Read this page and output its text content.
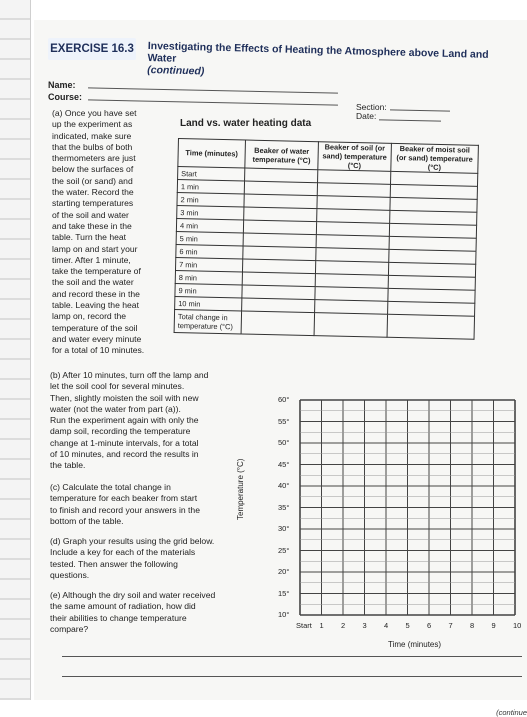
EXERCISE 16.3 Investigating the Effects of Heating the Atmosphere above Land and Water
(continued)
Name:
Course:
Section:
Date:
(a) Once you have set
up the experiment as
indicated, make sure
that the bulbs of both
thermometers are just
below the surfaces of
the soil (or sand) and
the water. Record the
starting temperatures
of the soil and water
and take these in the
table. Turn the heat
lamp on and start your
timer. After 1 minute,
take the temperature of
the soil and the water
and record these in the
table. Leaving the heat
lamp on, record the
temperature of the soil
and water every minute
for a total of 10 minutes.
Land vs. water heating data
Time (minutes)	Beaker of water temperature (°C)	Beaker of soil (or sand) temperature (°C)	Beaker of moist soil (or sand) temperature (°C)
Start			
1 min			
2 min			
3 min			
4 min			
5 min			
6 min			
7 min			
8 min			
9 min			
10 min			
Total change in temperature (°C)			
(b) After 10 minutes, turn off the lamp and
let the soil cool for several minutes.
Then, slightly moisten the soil with new
water (not the water from part (a)).
Run the experiment again with only the
damp soil, recording the temperature
change at 1-minute intervals, for a total
of 10 minutes, and record the results in
the table.
(c) Calculate the total change in
temperature for each beaker from start
to finish and record your answers in the
bottom of the table.
(d) Graph your results using the grid below.
Include a key for each of the materials
tested. Then answer the following
questions.
(e) Although the dry soil and water received
the same amount of radiation, how did
their abilities to change temperature
compare?
Temperature (°C)
60°
55°
50°
45°
40°
35°
30°
25°
20°
15°
10°
Start 1 2 3 4 5 6 7 8 9 10
Time (minutes)
(continue
